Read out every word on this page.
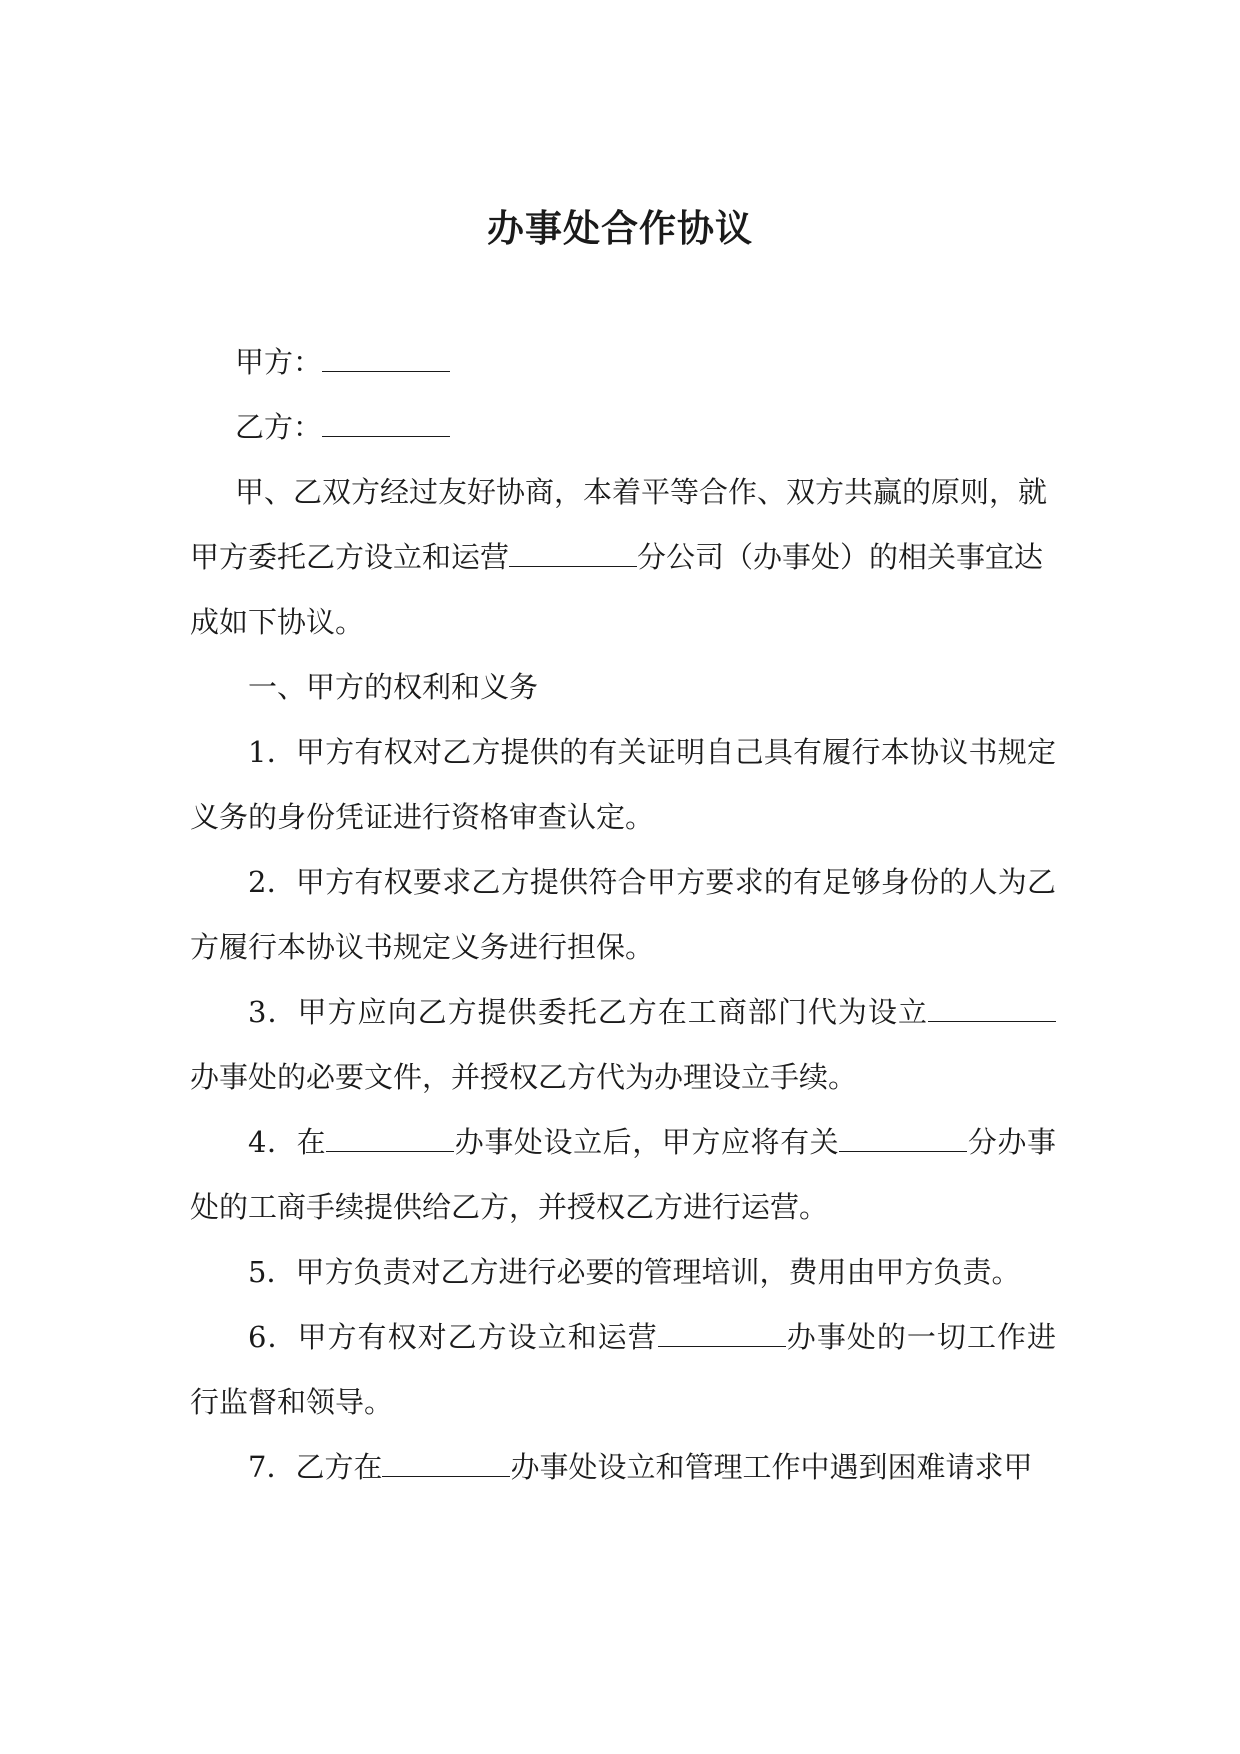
办事处合作协议

甲方：

乙方：

甲、乙双方经过友好协商，本着平等合作、双方共赢的原则，就甲方委托乙方设立和运营	分公司（办事处）的相关事宜达成如下协议。

一、甲方的权利和义务

1．甲方有权对乙方提供的有关证明自己具有履行本协议书规定义务的身份凭证进行资格审查认定。

2．甲方有权要求乙方提供符合甲方要求的有足够身份的人为乙方履行本协议书规定义务进行担保。

3．甲方应向乙方提供委托乙方在工商部门代为设立办事处的必要文件，并授权乙方代为办理设立手续。

4．在	办事处设立后，甲方应将有关	分办事处的工商手续提供给乙方，并授权乙方进行运营。

5．甲方负责对乙方进行必要的管理培训，费用由甲方负责。

6．甲方有权对乙方设立和运营	办事处的一切工作进行监督和领导。

7．乙方在	办事处设立和管理工作中遇到困难请求甲
